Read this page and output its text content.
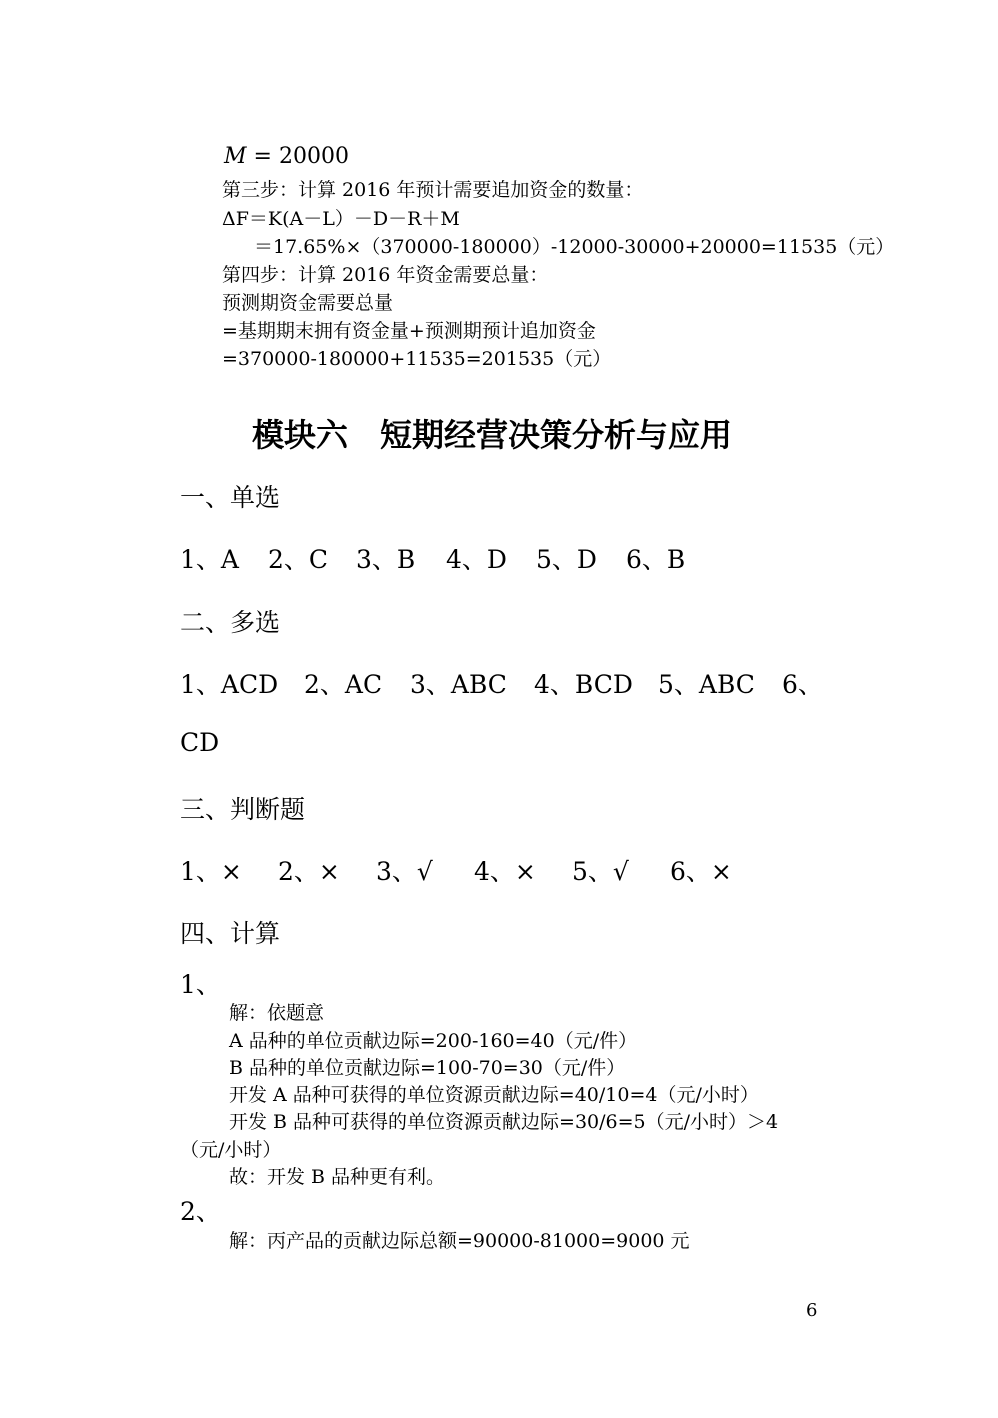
M = 20000
第三步：计算 2016 年预计需要追加资金的数量：
ΔF＝K(A－L）－D－R＋M
＝17.65%×（370000-180000）-12000-30000+20000=11535（元）
第四步：计算 2016 年资金需要总量：
预测期资金需要总量
=基期期末拥有资金量+预测期预计追加资金
=370000-180000+11535=201535（元）
模块六　短期经营决策分析与应用
一、单选
1、A 2、C 3、B 4、D 5、D 6、B
二、多选
1、ACD 2、AC 3、ABC 4、BCD 5、ABC 6、
CD
三、判断题
1、× 2、× 3、√ 4、× 5、√ 6、×
四、计算
1、
解：依题意
A 品种的单位贡献边际=200-160=40（元/件）
B 品种的单位贡献边际=100-70=30（元/件）
开发 A 品种可获得的单位资源贡献边际=40/10=4（元/小时）
开发 B 品种可获得的单位资源贡献边际=30/6=5（元/小时）＞4
（元/小时）
故：开发 B 品种更有利。
2、
解：丙产品的贡献边际总额=90000-81000=9000 元
6
